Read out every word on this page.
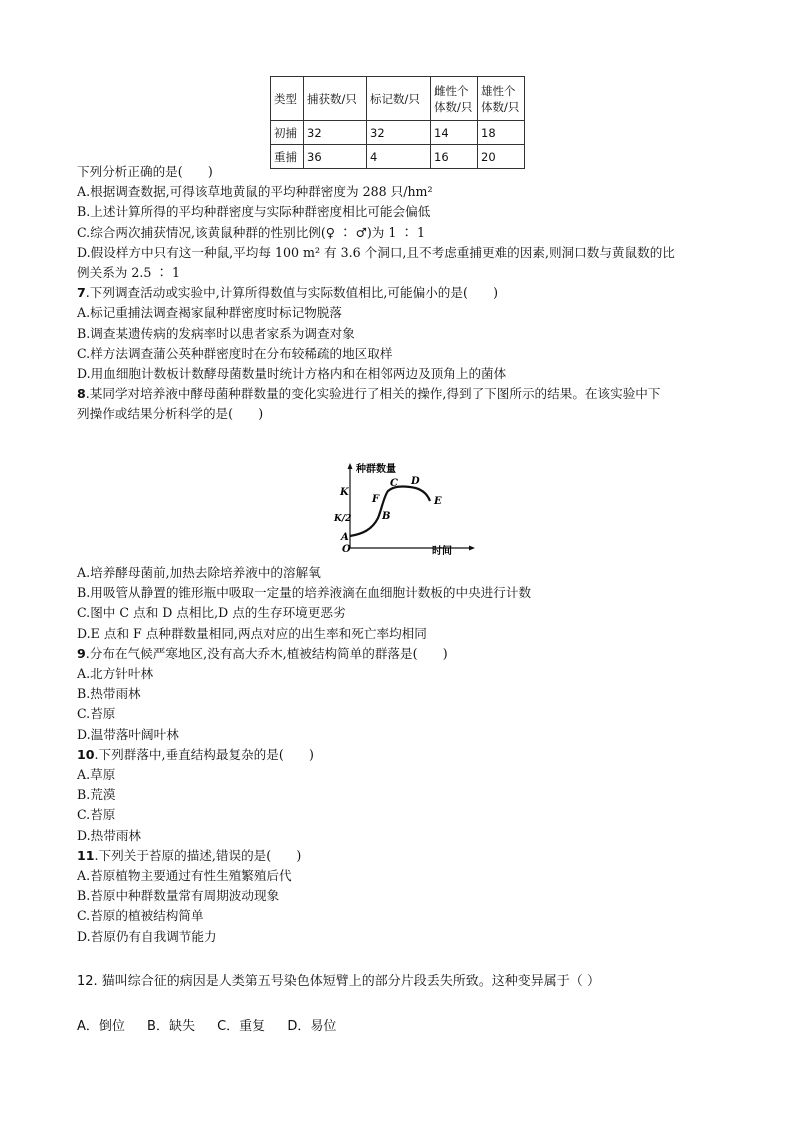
类型	捕获数/只	标记数/只	雌性个体数/只	雄性个体数/只

初捕	32	32	14	18
重捕	36	4	16	20
下列分析正确的是(　　)
A.根据调查数据,可得该草地黄鼠的平均种群密度为 288 只/hm²
B.上述计算所得的平均种群密度与实际种群密度相比可能会偏低
C.综合两次捕获情况,该黄鼠种群的性别比例(♀ ∶ ♂)为 1 ∶ 1
D.假设样方中只有这一种鼠,平均每 100 m² 有 3.6 个洞口,且不考虑重捕更难的因素,则洞口数与黄鼠数的比
例关系为 2.5 ∶ 1
7.下列调查活动或实验中,计算所得数值与实际数值相比,可能偏小的是(　　)
A.标记重捕法调查褐家鼠种群密度时标记物脱落
B.调查某遗传病的发病率时以患者家系为调查对象
C.样方法调查蒲公英种群密度时在分布较稀疏的地区取样
D.用血细胞计数板计数酵母菌数量时统计方格内和在相邻两边及顶角上的菌体
8.某同学对培养液中酵母菌种群数量的变化实验进行了相关的操作,得到了下图所示的结果。在该实验中下
列操作或结果分析科学的是(　　)
种群数量
时间
K
K/2
O
A
B
F
C D
E
A.培养酵母菌前,加热去除培养液中的溶解氧
B.用吸管从静置的锥形瓶中吸取一定量的培养液滴在血细胞计数板的中央进行计数
C.图中 C 点和 D 点相比,D 点的生存环境更恶劣
D.E 点和 F 点种群数量相同,两点对应的出生率和死亡率均相同
9.分布在气候严寒地区,没有高大乔木,植被结构简单的群落是(　　)
A.北方针叶林
B.热带雨林
C.苔原
D.温带落叶阔叶林
10.下列群落中,垂直结构最复杂的是(　　)
A.草原
B.荒漠
C.苔原
D.热带雨林
11.下列关于苔原的描述,错误的是(　　)
A.苔原植物主要通过有性生殖繁殖后代
B.苔原中种群数量常有周期波动现象
C.苔原的植被结构简单
D.苔原仍有自我调节能力
12. 猫叫综合征的病因是人类第五号染色体短臂上的部分片段丢失所致。这种变异属于（ ）
A．倒位 B．缺失 C．重复 D．易位
